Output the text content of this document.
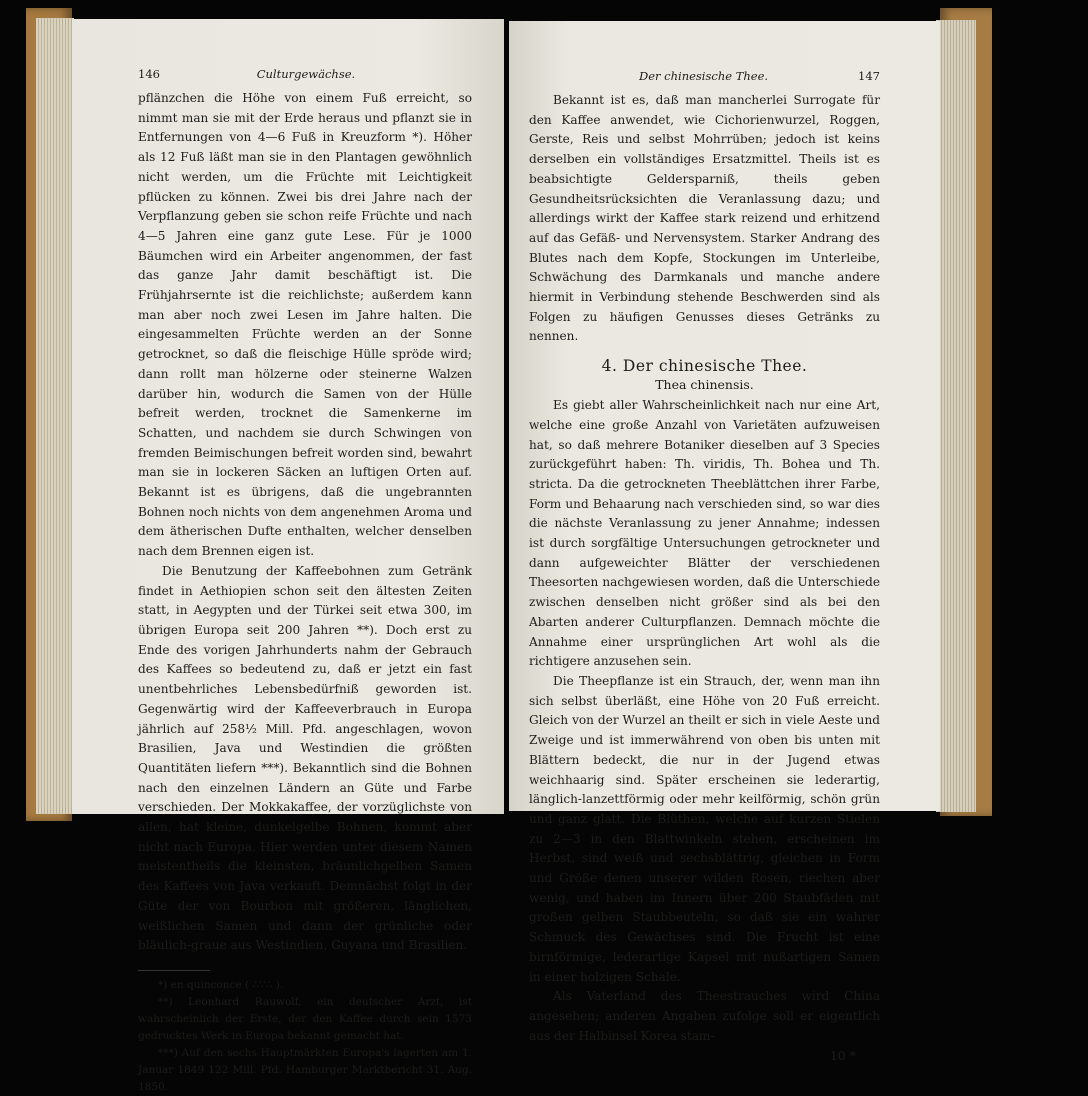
146	Culturgewächse.

pflänzchen die Höhe von einem Fuß erreicht, so nimmt man sie mit der Erde heraus und pflanzt sie in Entfernungen von 4—6 Fuß in Kreuzform *). Höher als 12 Fuß läßt man sie in den Plantagen gewöhnlich nicht werden, um die Früchte mit Leichtigkeit pflücken zu können. Zwei bis drei Jahre nach der Verpflanzung geben sie schon reife Früchte und nach 4—5 Jahren eine ganz gute Lese. Für je 1000 Bäumchen wird ein Arbeiter angenommen, der fast das ganze Jahr damit beschäftigt ist. Die Frühjahrsernte ist die reichlichste; außerdem kann man aber noch zwei Lesen im Jahre halten. Die eingesammelten Früchte werden an der Sonne getrocknet, so daß die fleischige Hülle spröde wird; dann rollt man hölzerne oder steinerne Walzen darüber hin, wodurch die Samen von der Hülle befreit werden, trocknet die Samenkerne im Schatten, und nachdem sie durch Schwingen von fremden Beimischungen befreit worden sind, bewahrt man sie in lockeren Säcken an luftigen Orten auf. Bekannt ist es übrigens, daß die ungebrannten Bohnen noch nichts von dem angenehmen Aroma und dem ätherischen Dufte enthalten, welcher denselben nach dem Brennen eigen ist.

Die Benutzung der Kaffeebohnen zum Getränk findet in Aethiopien schon seit den ältesten Zeiten statt, in Aegypten und der Türkei seit etwa 300, im übrigen Europa seit 200 Jahren **). Doch erst zu Ende des vorigen Jahrhunderts nahm der Gebrauch des Kaffees so bedeutend zu, daß er jetzt ein fast unentbehrliches Lebensbedürfniß geworden ist. Gegenwärtig wird der Kaffeeverbrauch in Europa jährlich auf 258½ Mill. Pfd. angeschlagen, wovon Brasilien, Java und Westindien die größten Quantitäten liefern ***). Bekanntlich sind die Bohnen nach den einzelnen Ländern an Güte und Farbe verschieden. Der Mokkakaffee, der vorzüglichste von allen, hat kleine, dunkelgelbe Bohnen, kommt aber nicht nach Europa. Hier werden unter diesem Namen meistentheils die kleinsten, bräunlichgelben Samen des Kaffees von Java verkauft. Demnächst folgt in der Güte der von Bourbon mit größeren, länglichen, weißlichen Samen und dann der grünliche oder bläulich-graue aus Westindien, Guyana und Brasilien.

*) en quinconce ( ∴∵∴ ).

**) Leonhard Rauwolf, ein deutscher Arzt, ist wahrscheinlich der Erste, der den Kaffee durch sein 1573 gedrucktes Werk in Europa bekannt gemacht hat.

***) Auf den sechs Hauptmärkten Europa's lagerten am 1. Januar 1849 122 Mill. Pfd. Hamburger Marktbericht 31. Aug. 1850.

Der chinesische Thee.	147

Bekannt ist es, daß man mancherlei Surrogate für den Kaffee anwendet, wie Cichorienwurzel, Roggen, Gerste, Reis und selbst Mohrrüben; jedoch ist keins derselben ein vollständiges Ersatzmittel. Theils ist es beabsichtigte Geldersparniß, theils geben Gesundheitsrücksichten die Veranlassung dazu; und allerdings wirkt der Kaffee stark reizend und erhitzend auf das Gefäß- und Nervensystem. Starker Andrang des Blutes nach dem Kopfe, Stockungen im Unterleibe, Schwächung des Darmkanals und manche andere hiermit in Verbindung stehende Beschwerden sind als Folgen zu häufigen Genusses dieses Getränks zu nennen.

4. Der chinesische Thee.
Thea chinensis.

Es giebt aller Wahrscheinlichkeit nach nur eine Art, welche eine große Anzahl von Varietäten aufzuweisen hat, so daß mehrere Botaniker dieselben auf 3 Species zurückgeführt haben: Th. viridis, Th. Bohea und Th. stricta. Da die getrockneten Theeblättchen ihrer Farbe, Form und Behaarung nach verschieden sind, so war dies die nächste Veranlassung zu jener Annahme; indessen ist durch sorgfältige Untersuchungen getrockneter und dann aufgeweichter Blätter der verschiedenen Theesorten nachgewiesen worden, daß die Unterschiede zwischen denselben nicht größer sind als bei den Abarten anderer Culturpflanzen. Demnach möchte die Annahme einer ursprünglichen Art wohl als die richtigere anzusehen sein.

Die Theepflanze ist ein Strauch, der, wenn man ihn sich selbst überläßt, eine Höhe von 20 Fuß erreicht. Gleich von der Wurzel an theilt er sich in viele Aeste und Zweige und ist immerwährend von oben bis unten mit Blättern bedeckt, die nur in der Jugend etwas weichhaarig sind. Später erscheinen sie lederartig, länglich-lanzettförmig oder mehr keilförmig, schön grün und ganz glatt. Die Blüthen, welche auf kurzen Stielen zu 2—3 in den Blattwinkeln stehen, erscheinen im Herbst, sind weiß und sechsblättrig, gleichen in Form und Größe denen unserer wilden Rosen, riechen aber wenig, und haben im Innern über 200 Staubfäden mit großen gelben Staubbeuteln, so daß sie ein wahrer Schmuck des Gewächses sind. Die Frucht ist eine birnförmige, lederartige Kapsel mit nußartigen Samen in einer holzigen Schale.

Als Vaterland des Theestrauches wird China angesehen; anderen Angaben zufolge soll er eigentlich aus der Halbinsel Korea stam-

10 *
